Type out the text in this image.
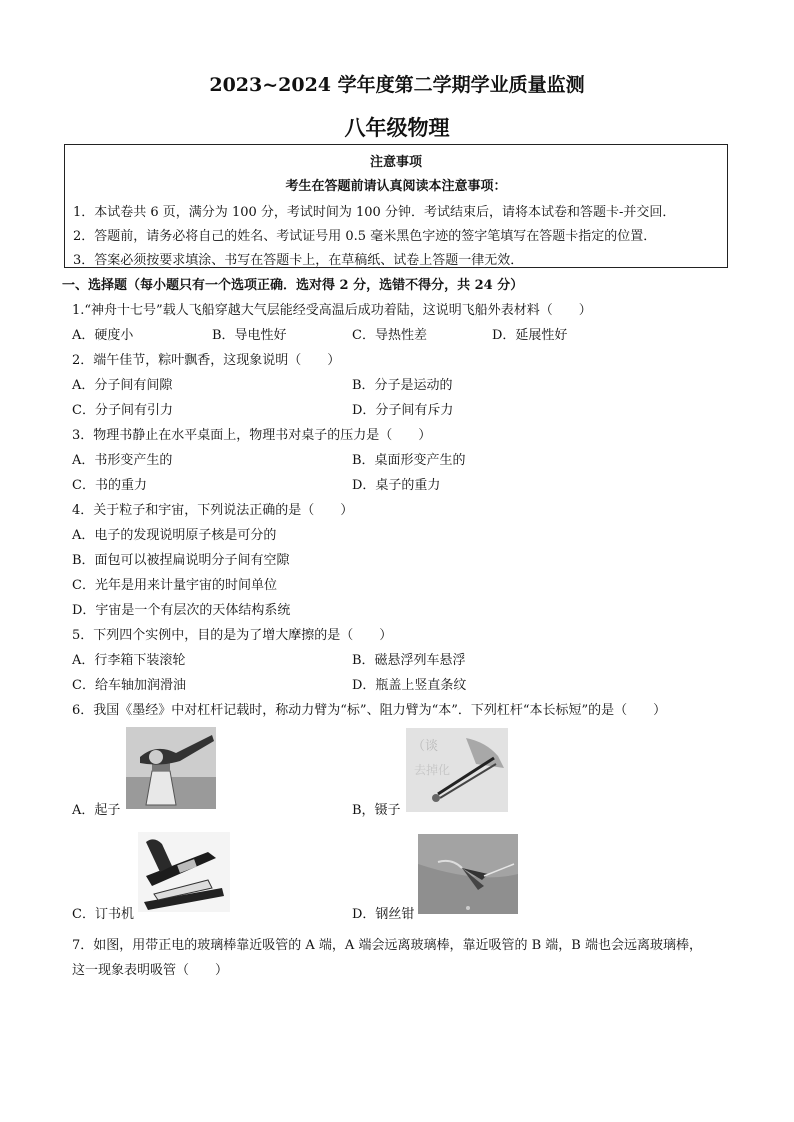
2023~2024 学年度第二学期学业质量监测
八年级物理
注意事项
考生在答题前请认真阅读本注意事项：
1．本试卷共 6 页，满分为 100 分，考试时间为 100 分钟．考试结束后，请将本试卷和答题卡-并交回．
2．答题前，请务必将自己的姓名、考试证号用 0.5 毫米黑色字迹的签字笔填写在答题卡指定的位置．
3．答案必须按要求填涂、书写在答题卡上，在草稿纸、试卷上答题一律无效．
一、选择题（每小题只有一个选项正确．选对得 2 分，选错不得分，共 24 分）
1.“神舟十七号”载人飞船穿越大气层能经受高温后成功着陆，这说明飞船外表材料（　　）
A．硬度小	B．导电性好	C．导热性差	D．延展性好
2．端午佳节，粽叶飘香，这现象说明（　　）
A．分子间有间隙	B．分子是运动的
C．分子间有引力	D．分子间有斥力
3．物理书静止在水平桌面上，物理书对桌子的压力是（　　）
A．书形变产生的	B．桌面形变产生的
C．书的重力	D．桌子的重力
4．关于粒子和宇宙，下列说法正确的是（　　）
A．电子的发现说明原子核是可分的
B．面包可以被捏扁说明分子间有空隙
C．光年是用来计量宇宙的时间单位
D．宇宙是一个有层次的天体结构系统
5．下列四个实例中，目的是为了增大摩擦的是（　　）
A．行李箱下装滚轮	B．磁悬浮列车悬浮
C．给车轴加润滑油	D．瓶盖上竖直条纹
6．我国《墨经》中对杠杆记载时，称动力臂为“标”、阻力臂为“本”．下列杠杆“本长标短”的是（　　）
A．起子
（谈
去掉化
B，镊子
C．订书机	D．钢丝钳
7．如图，用带正电的玻璃棒靠近吸管的 A 端，A 端会远离玻璃棒，靠近吸管的 B 端，B 端也会远离玻璃棒，
这一现象表明吸管（　　）
